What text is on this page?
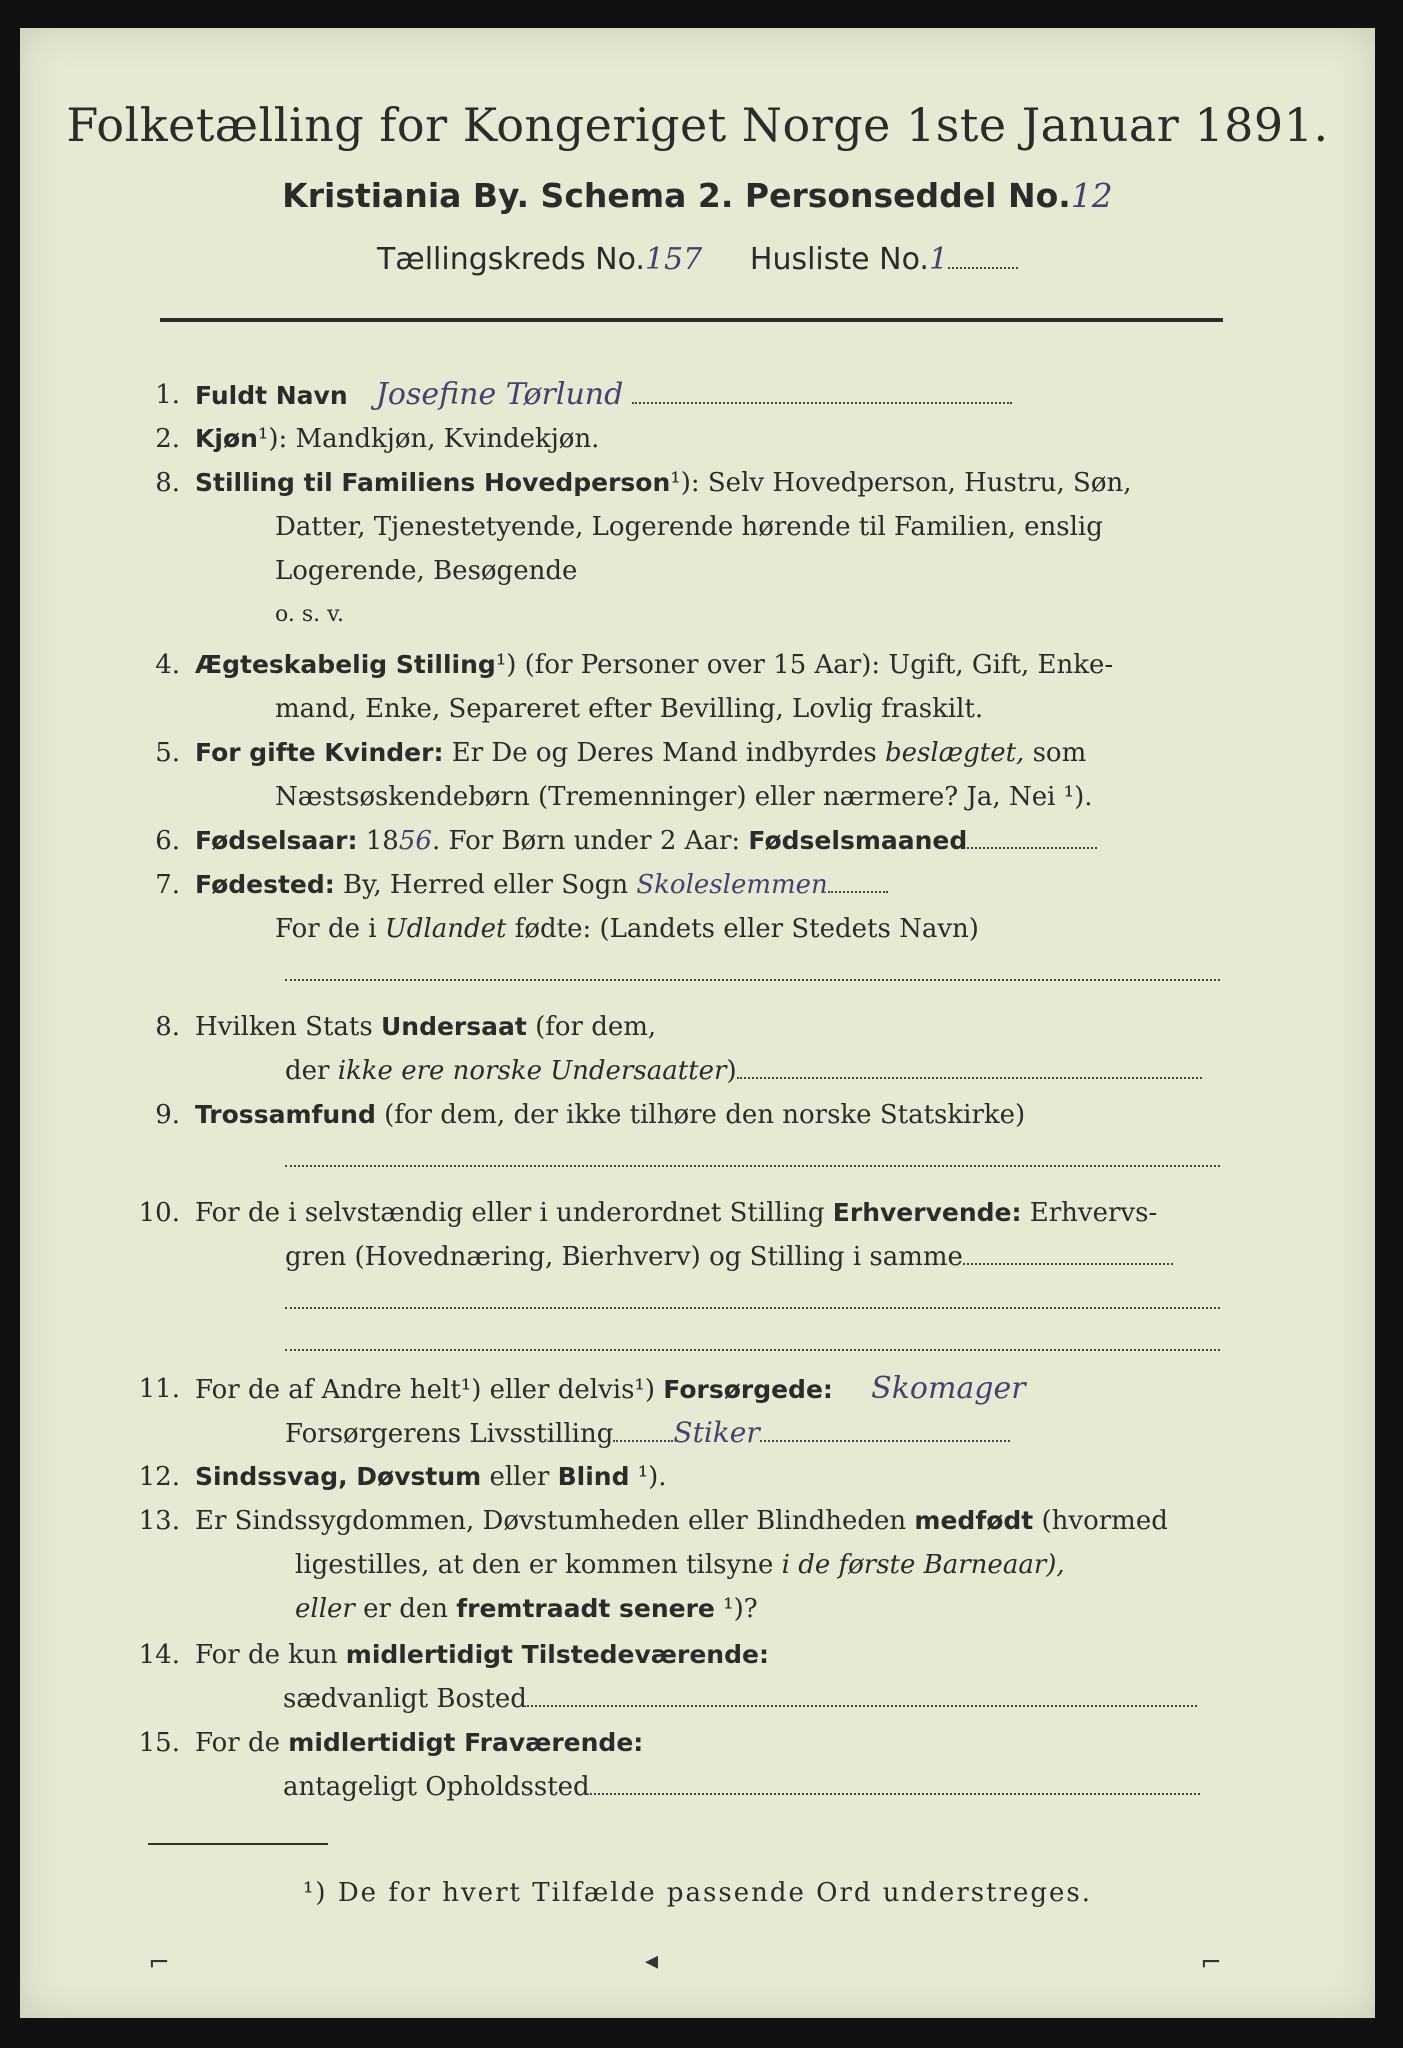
Folketælling for Kongeriget Norge 1ste Januar 1891.
Kristiania By. Schema 2. Personseddel No.12
Tællingskreds No.157 Husliste No.1
1. Fuldt Navn Josefine Tørlund
2. Kjøn¹): Mandkjøn, Kvindekjøn.
8. Stilling til Familiens Hovedperson¹): Selv Hovedperson, Hustru, Søn,
Datter, Tjenestetyende, Logerende hørende til Familien, enslig
Logerende, Besøgende
o. s. v.
4. Ægteskabelig Stilling¹) (for Personer over 15 Aar): Ugift, Gift, Enke-
mand, Enke, Separeret efter Bevilling, Lovlig fraskilt.
5. For gifte Kvinder: Er De og Deres Mand indbyrdes beslægtet, som
Næstsøskendebørn (Tremenninger) eller nærmere? Ja, Nei ¹).
6. Fødselsaar: 1856. For Børn under 2 Aar: Fødselsmaaned
7. Fødested: By, Herred eller Sogn Skoleslemmen
For de i Udlandet fødte: (Landets eller Stedets Navn)
8. Hvilken Stats Undersaat (for dem,
der ikke ere norske Undersaatter)
9. Trossamfund (for dem, der ikke tilhøre den norske Statskirke)
10. For de i selvstændig eller i underordnet Stilling Erhvervende: Erhvervs-
gren (Hovednæring, Bierhverv) og Stilling i samme
11. For de af Andre helt¹) eller delvis¹) Forsørgede: Skomager
Forsørgerens Livsstilling Stiker
12. Sindssvag, Døvstum eller Blind ¹).
13. Er Sindssygdommen, Døvstumheden eller Blindheden medfødt (hvormed
ligestilles, at den er kommen tilsyne i de første Barneaar),
eller er den fremtraadt senere ¹)?
14. For de kun midlertidigt Tilstedeværende:
sædvanligt Bosted
15. For de midlertidigt Fraværende:
antageligt Opholdssted
¹) De for hvert Tilfælde passende Ord understreges.
⌐	◂	⌐
